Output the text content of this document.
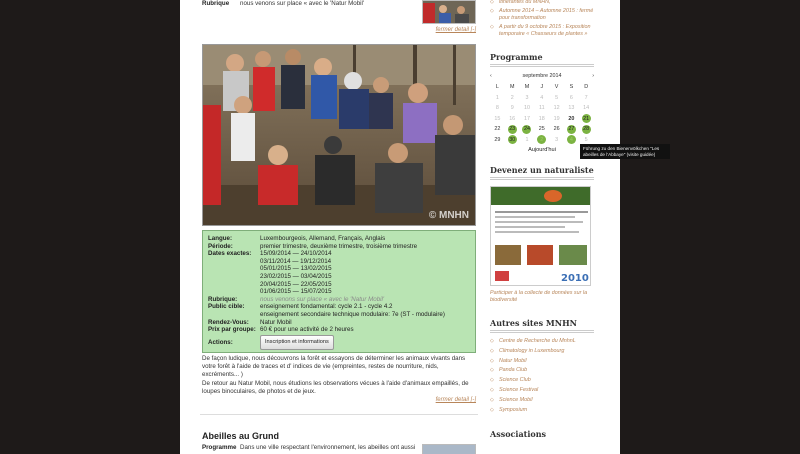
Rubrique nous venons sur place « avec le 'Natur Mobil'
fermer detail [-]
© MNHN
Langue:	Luxembourgeois, Allemand, Français, Anglais
Période:	premier trimestre, deuxième trimestre, troisième trimestre
Dates exactes:	15/09/2014 — 24/10/2014
03/11/2014 — 19/12/2014
05/01/2015 — 13/02/2015
23/02/2015 — 03/04/2015
20/04/2015 — 22/05/2015
01/06/2015 — 15/07/2015
Rubrique:	nous venons sur place « avec le 'Natur Mobil'
Public cible:	enseignement fondamental: cycle 2.1 - cycle 4.2
enseignement secondaire technique modulaire: 7e (ST - modulaire)
Rendez-Vous:	Natur Mobil
Prix par groupe: 60 € pour une activité de 2 heures
Actions:	Inscription et informations

De façon ludique, nous découvrons la forêt et essayons de déterminer les animaux vivants dans votre forêt à l'aide de traces et d' indices de vie (empreintes, restes de nourriture, nids, excréments... )

De retour au Natur Mobil, nous étudions les observations vécues à l'aide d'animaux empaillés, de loupes binoculaires, de photos et de jeux.

fermer detail [-]
Abeilles au Grund
Programme Dans une ville respectant l'environnement, les abeilles ont aussi
◇ itinérantes du MNHN,
◇ Automne 2014 – Automne 2015 : fermé pour transformation
◇ A partir du 9 octobre 2015 : Exposition temporaire « Chasseurs de plantes »
Programme
‹	septembre 2014	›
L	M	M	J	V	S	D
1 2 3 4 5 6 7
8 9 10 11 12 13 14
15 16 17 18 19 20 21
22 23 24 25 26 27 28
29 30 1	2	3	4	5
Aujourd'hui
Devenez un naturaliste
2010
Participer à la collecte de données sur la biodiversité
Autres sites MNHN
◇ Centre de Recherche du MnhnL
◇ Climatology in Luxembourg
◇ Natur Mobil
◇ Panda Club
◇ Science Club
◇ Science Festival
◇ Science Mobil
◇ Symposium
Associations
Führung zu den Bienenvölkchen "Les abeilles de l'Abbaye" (visite guidée)
